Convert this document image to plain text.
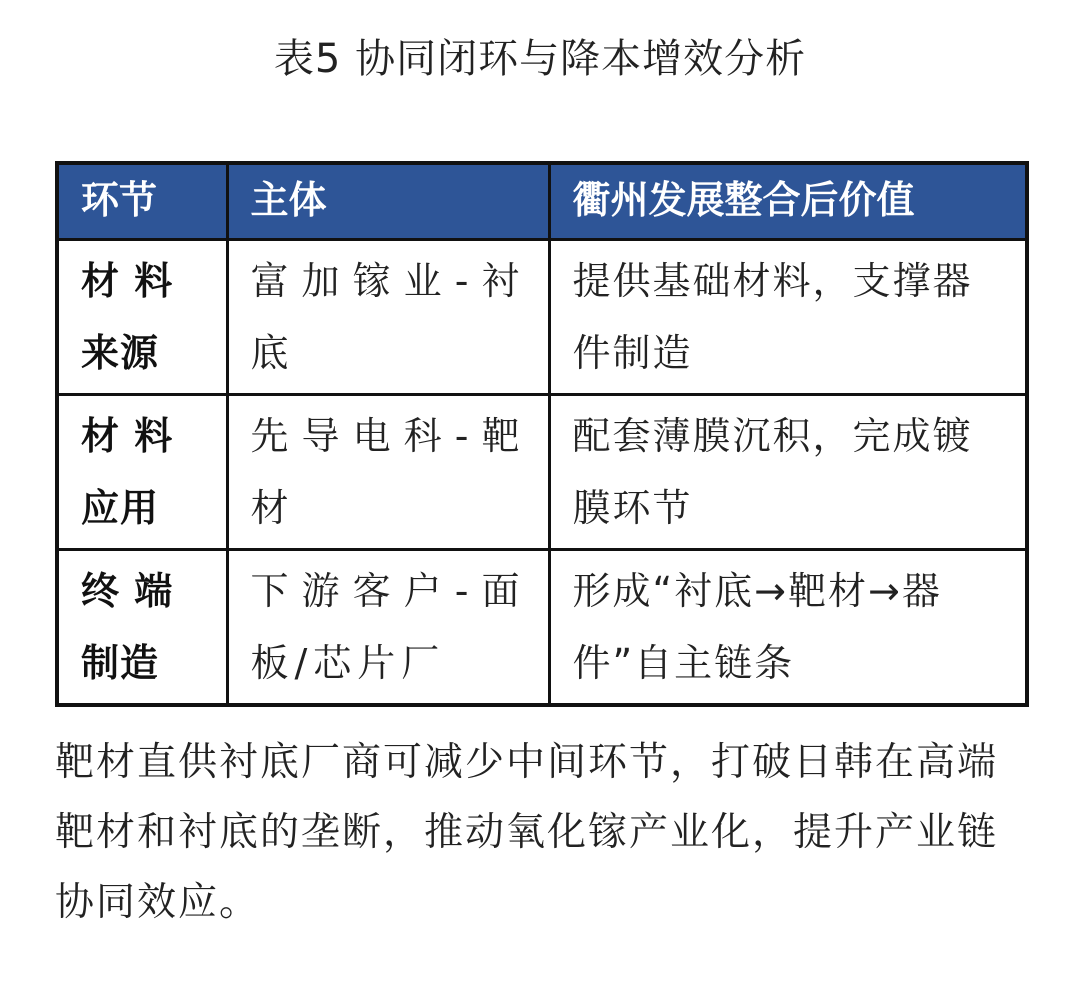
表5 协同闭环与降本增效分析
环节	主体	衢州发展整合后价值
材 料 来源	富加镓业-衬底	提供基础材料，支撑器件制造
材 料 应用	先导电科-靶材	配套薄膜沉积，完成镀膜环节
终 端 制造	下游客户-面板/芯片厂	形成“衬底→靶材→器件”自主链条

靶材直供衬底厂商可减少中间环节，打破日韩在高端靶材和衬底的垄断，推动氧化镓产业化，提升产业链协同效应。
